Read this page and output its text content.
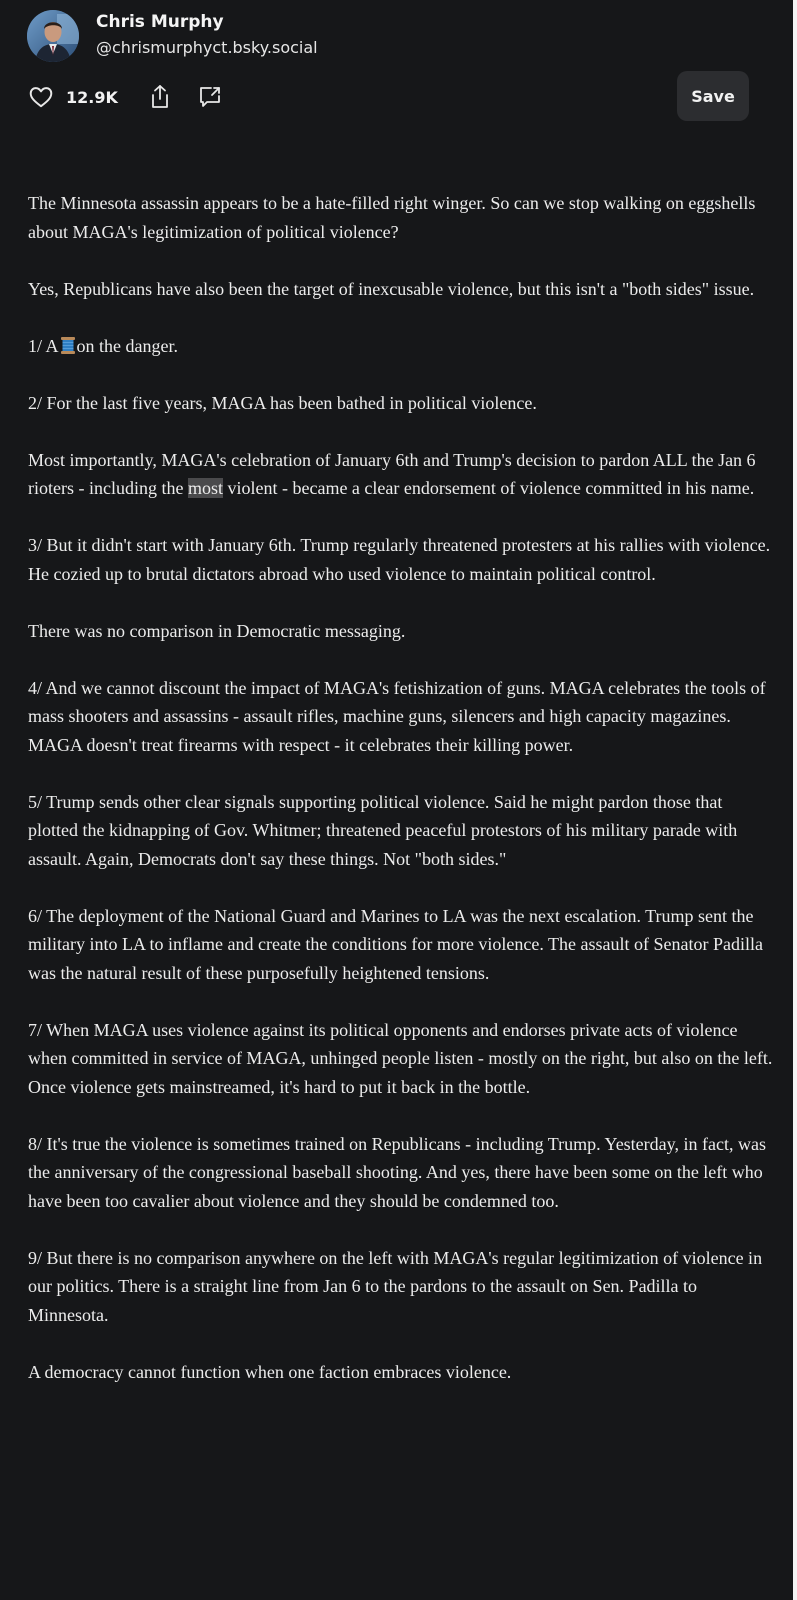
Chris Murphy
@chrismurphyct.bsky.social
12.9K	Save

The Minnesota assassin appears to be a hate-filled right winger. So can we stop walking on eggshells about MAGA's legitimization of political violence?

Yes, Republicans have also been the target of inexcusable violence, but this isn't a "both sides" issue.

1/ A on the danger.

2/ For the last five years, MAGA has been bathed in political violence.

Most importantly, MAGA's celebration of January 6th and Trump's decision to pardon ALL the Jan 6 rioters - including the most violent - became a clear endorsement of violence committed in his name.

3/ But it didn't start with January 6th. Trump regularly threatened protesters at his rallies with violence. He cozied up to brutal dictators abroad who used violence to maintain political control.

There was no comparison in Democratic messaging.

4/ And we cannot discount the impact of MAGA's fetishization of guns. MAGA celebrates the tools of mass shooters and assassins - assault rifles, machine guns, silencers and high capacity magazines. MAGA doesn't treat firearms with respect - it celebrates their killing power.

5/ Trump sends other clear signals supporting political violence. Said he might pardon those that plotted the kidnapping of Gov. Whitmer; threatened peaceful protestors of his military parade with assault. Again, Democrats don't say these things. Not "both sides."

6/ The deployment of the National Guard and Marines to LA was the next escalation. Trump sent the military into LA to inflame and create the conditions for more violence. The assault of Senator Padilla was the natural result of these purposefully heightened tensions.

7/ When MAGA uses violence against its political opponents and endorses private acts of violence when committed in service of MAGA, unhinged people listen - mostly on the right, but also on the left. Once violence gets mainstreamed, it's hard to put it back in the bottle.

8/ It's true the violence is sometimes trained on Republicans - including Trump. Yesterday, in fact, was the anniversary of the congressional baseball shooting. And yes, there have been some on the left who have been too cavalier about violence and they should be condemned too.

9/ But there is no comparison anywhere on the left with MAGA's regular legitimization of violence in our politics. There is a straight line from Jan 6 to the pardons to the assault on Sen. Padilla to Minnesota.

A democracy cannot function when one faction embraces violence.
